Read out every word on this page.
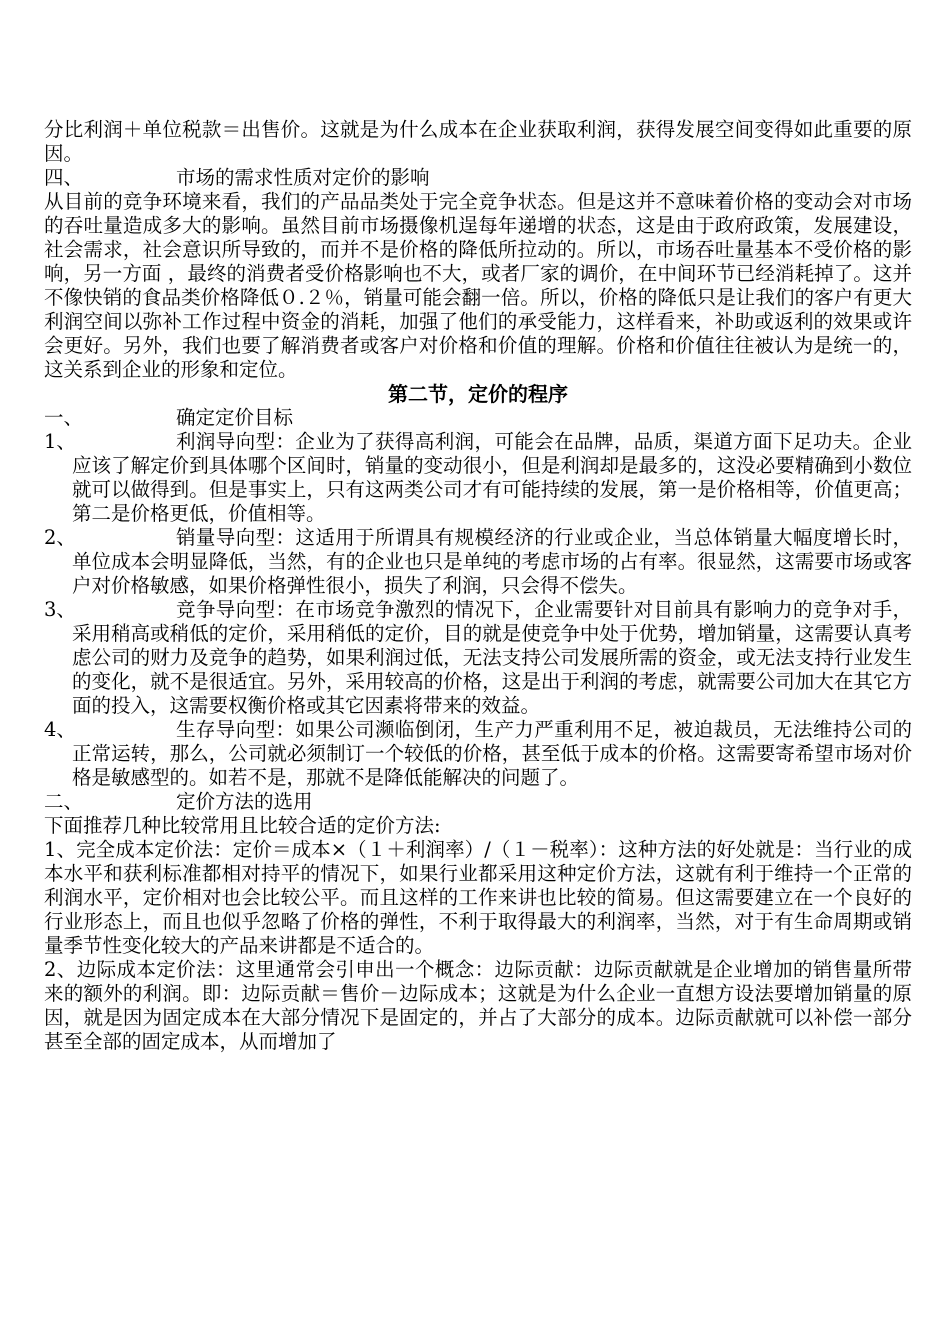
分比利润＋单位税款＝出售价。这就是为什么成本在企业获取利润，获得发展空间变得如此重要的原因。

四、	市场的需求性质对定价的影响

从目前的竞争环境来看，我们的产品品类处于完全竞争状态。但是这并不意味着价格的变动会对市场的吞吐量造成多大的影响。虽然目前市场摄像机逞每年递增的状态，这是由于政府政策，发展建设，社会需求，社会意识所导致的，而并不是价格的降低所拉动的。所以，市场吞吐量基本不受价格的影响，另一方面 ，最终的消费者受价格影响也不大，或者厂家的调价，在中间环节已经消耗掉了。这并不像快销的食品类价格降低０.２％，销量可能会翻一倍。所以，价格的降低只是让我们的客户有更大利润空间以弥补工作过程中资金的消耗，加强了他们的承受能力，这样看来，补助或返利的效果或许会更好。另外，我们也要了解消费者或客户对价格和价值的理解。价格和价值往往被认为是统一的，这关系到企业的形象和定位。

第二节，定价的程序

一、	确定定价目标
1、	利润导向型：企业为了获得高利润，可能会在品牌，品质，渠道方面下足功夫。企业应该了解定价到具体哪个区间时，销量的变动很小，但是利润却是最多的，这没必要精确到小数位就可以做得到。但是事实上，只有这两类公司才有可能持续的发展，第一是价格相等，价值更高；第二是价格更低，价值相等。
2、	销量导向型：这适用于所谓具有规模经济的行业或企业，当总体销量大幅度增长时，单位成本会明显降低，当然，有的企业也只是单纯的考虑市场的占有率。很显然，这需要市场或客户对价格敏感，如果价格弹性很小，损失了利润，只会得不偿失。
3、	竞争导向型：在市场竞争激烈的情况下，企业需要针对目前具有影响力的竞争对手，采用稍高或稍低的定价，采用稍低的定价，目的就是使竞争中处于优势，增加销量，这需要认真考虑公司的财力及竞争的趋势，如果利润过低，无法支持公司发展所需的资金，或无法支持行业发生的变化，就不是很适宜。另外，采用较高的价格，这是出于利润的考虑，就需要公司加大在其它方面的投入，这需要权衡价格或其它因素将带来的效益。
4、	生存导向型：如果公司濒临倒闭，生产力严重利用不足，被迫裁员，无法维持公司的正常运转，那么，公司就必须制订一个较低的价格，甚至低于成本的价格。这需要寄希望市场对价格是敏感型的。如若不是，那就不是降低能解决的问题了。
二、	定价方法的选用

下面推荐几种比较常用且比较合适的定价方法:

1、完全成本定价法：定价＝成本×（１＋利润率）/（１－税率）：这种方法的好处就是：当行业的成本水平和获利标准都相对持平的情况下，如果行业都采用这种定价方法，这就有利于维持一个正常的利润水平，定价相对也会比较公平。而且这样的工作来讲也比较的简易。但这需要建立在一个良好的行业形态上，而且也似乎忽略了价格的弹性，不利于取得最大的利润率，当然，对于有生命周期或销量季节性变化较大的产品来讲都是不适合的。

2、边际成本定价法：这里通常会引申出一个概念：边际贡献：边际贡献就是企业增加的销售量所带来的额外的利润。即：边际贡献＝售价－边际成本；这就是为什么企业一直想方设法要增加销量的原因，就是因为固定成本在大部分情况下是固定的，并占了大部分的成本。边际贡献就可以补偿一部分甚至全部的固定成本，从而增加了
